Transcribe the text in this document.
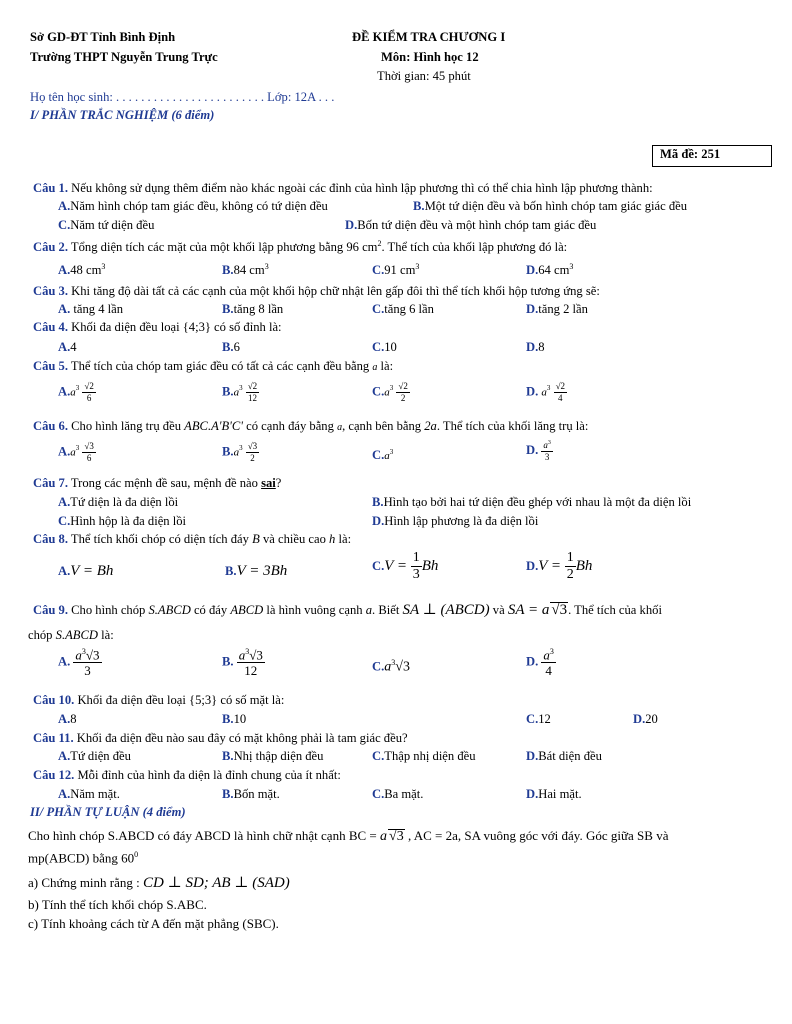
Sở GD-ĐT Tỉnh Bình Định
Trường THPT Nguyễn Trung Trực
ĐỀ KIỂM TRA CHƯƠNG I
Môn: Hình học 12
Thời gian: 45 phút
Họ tên học sinh: . . . . . . . . . . . . . . . . . . . . . . . . Lớp: 12A . . .
I/ PHẦN TRẮC NGHIỆM (6 điểm)
Mã đề: 251
Câu 1. Nếu không sử dụng thêm điểm nào khác ngoài các đỉnh của hình lập phương thì có thể chia hình lập phương thành:
A.Năm hình chóp tam giác đều, không có tứ diện đều	B.Một tứ diện đều và bốn hình chóp tam giác giác đều
C.Năm tứ diện đều	D.Bốn tứ diện đều và một hình chóp tam giác đều
Câu 2. Tổng diện tích các mặt của một khối lập phương bằng 96 $cm^2$. Thể tích của khối lập phương đó là:
A.48 $cm^3$	B.84 $cm^3$	C.91 $cm^3$	D.64 $cm^3$
Câu 3. Khi tăng độ dài tất cả các cạnh của một khối hộp chữ nhật lên gấp đôi thì thể tích khối hộp tương ứng sẽ:
A. tăng 4 lần	B.tăng 8 lần	C.tăng 6 lần	D.tăng 2 lần
Câu 4. Khối đa diện đều loại {4;3} có số đỉnh là:
A.4	B.6	C.10	D.8
Câu 5. Thể tích của chóp tam giác đều có tất cả các cạnh đều bằng a là:
$A.a^3 \frac{√2}{6}$	$B.a^3 \frac{√2}{12}$	$C.a^3 \frac{√2}{2}$	D. $a^3 \frac{√2}{4}$
Câu 6. Cho hình lăng trụ đều ABC.A'B'C' có cạnh đáy bằng a, cạnh bên bằng 2a. Thể tích của khối lăng trụ là:
$A.a^3 \frac{√3}{6}$	$B.a^3 \frac{√3}{2}$	$C.a^3$	D. $\frac{a^3}{3}$
Câu 7. Trong các mệnh đề sau, mệnh đề nào sai?
A.Tứ diện là đa diện lồi	B.Hình tạo bởi hai tứ diện đều ghép với nhau là một đa diện lồi
C.Hình hộp là đa diện lồi	D.Hình lập phương là đa diện lồi
Câu 8. Thể tích khối chóp có diện tích đáy B và chiều cao h là:
A.V = Bh	B.V = 3Bh	$C.V = \frac{1}{3}$ Bh	$D.V = \frac{1}{2}$ Bh
Câu 9. Cho hình chóp S.ABCD có đáy ABCD là hình vuông cạnh a. Biết SA ⊥ (ABCD) và SA = a √3. Thể tích của khối
chóp S.ABCD là:
A. $\frac{a^3√3}{3}$	B. $\frac{a^3√3}{12}$	$C.a^3√3$	D. $\frac{a^3}{4}$
Câu 10. Khối đa diện đều loại {5;3} có số mặt là:
A.8	B.10	C.12	D.20
Câu 11. Khối đa diện đều nào sau đây có mặt không phải là tam giác đều?
A.Tứ diện đều	B.Nhị thập diện đều	C.Thập nhị diện đều	D.Bát diện đều
Câu 12. Mỗi đỉnh của hình đa diện là đỉnh chung của ít nhất:
A.Năm mặt.	B.Bốn mặt.	C.Ba mặt.	D.Hai mặt.
II/ PHẦN TỰ LUẬN (4 điểm)
Cho hình chóp S.ABCD có đáy ABCD là hình chữ nhật cạnh BC = a √3 , AC = 2a, SA vuông góc với đáy. Góc giữa SB và
mp(ABCD) bằng $60^0$
a) Chứng minh rằng : CD ⊥ SD; AB ⊥ (SAD)
b) Tính thể tích khối chóp S.ABC.
c) Tính khoảng cách từ A đến mặt phẳng (SBC).
